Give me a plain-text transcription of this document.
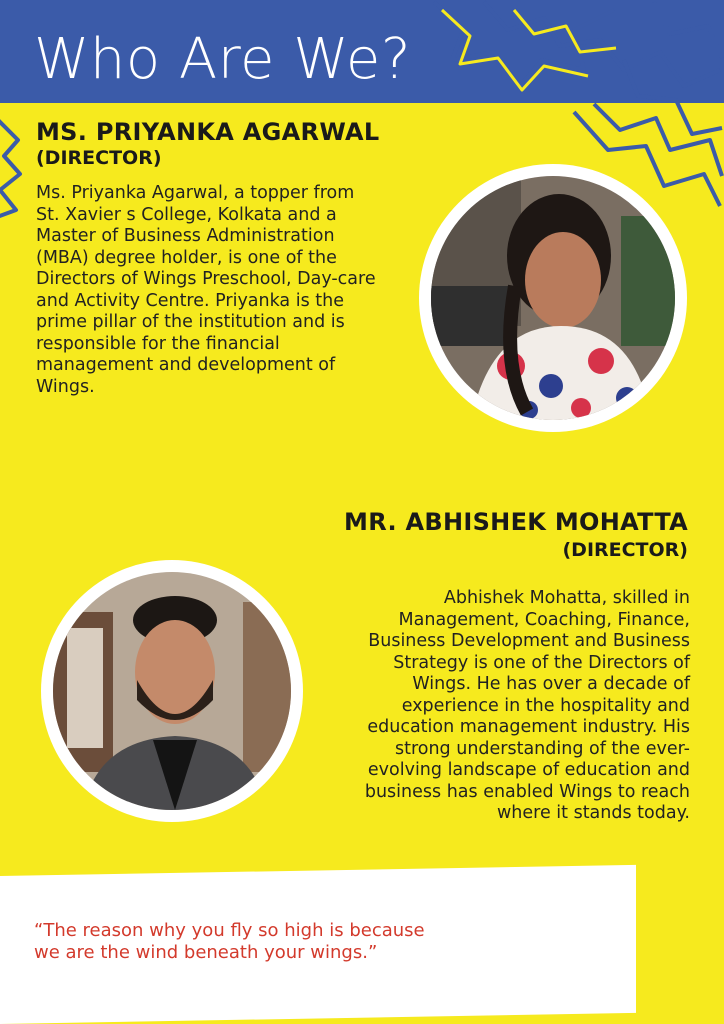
Who Are We?

MS. PRIYANKA AGARWAL

(DIRECTOR)

Ms. Priyanka Agarwal, a topper from St. Xavier s College, Kolkata and a Master of Business Administration (MBA) degree holder, is one of the Directors of Wings Preschool, Day-care and Activity Centre. Priyanka is the prime pillar of the institution and is responsible for the financial management and development of Wings.

MR. ABHISHEK MOHATTA

(DIRECTOR)

Abhishek Mohatta, skilled in Management, Coaching, Finance, Business Development and Business Strategy is one of the Directors of Wings. He has over a decade of experience in the hospitality and education management industry. His strong understanding of the ever-evolving landscape of education and business has enabled Wings to reach where it stands today.

“The reason why you fly so high is because
we are the wind beneath your wings.”
